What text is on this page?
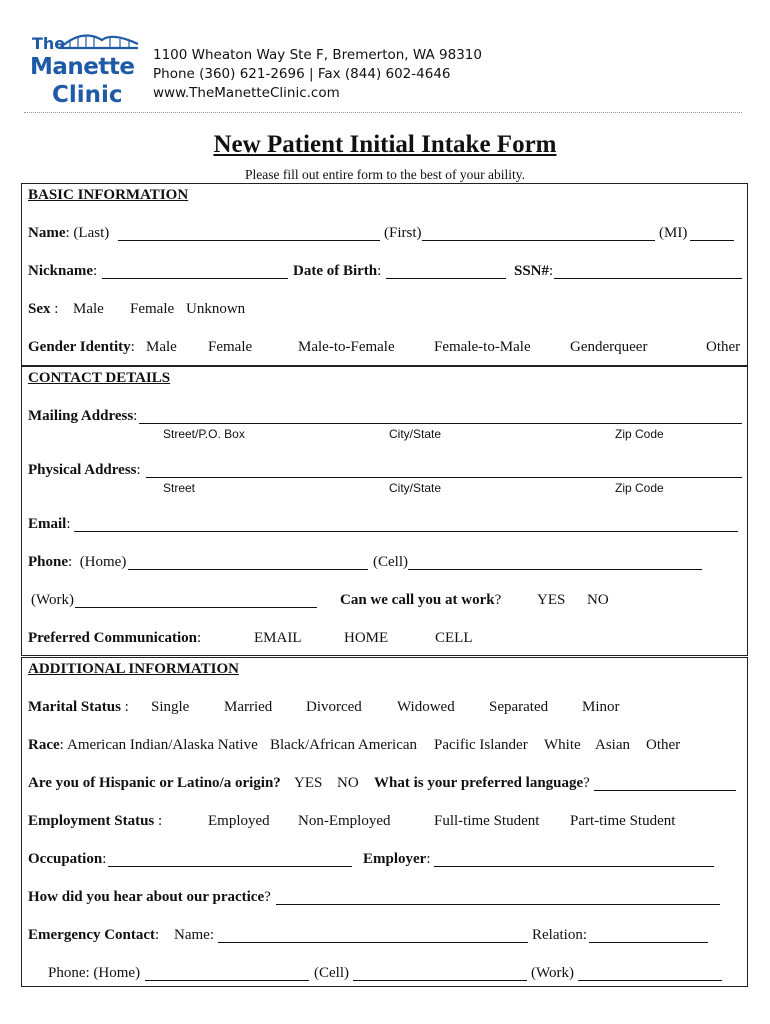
The
Manette
Clinic
1100 Wheaton Way Ste F, Bremerton, WA 98310
Phone (360) 621-2696 | Fax (844) 602-4646
www.TheManetteClinic.com
New Patient Initial Intake Form
Please fill out entire form to the best of your ability.
BASIC INFORMATION
Name: (Last)	(First)	(MI)
Nickname:	Date of Birth:	SSN#:
Sex : Male Female Unknown
Gender Identity: Male Female	Male-to-Female	Female-to-Male	Genderqueer	Other
CONTACT DETAILS
Mailing Address:
Street/P.O. Box	City/State	Zip Code
Physical Address:
Street	City/State	Zip Code
Email:
Phone:  (Home)	(Cell)
(Work)	Can we call you at work? YES NO
Preferred Communication:	EMAIL	HOME	CELL
ADDITIONAL INFORMATION
Marital Status : Single Married Divorced Widowed Separated Minor
Race: American Indian/Alaska Native Black/African American Pacific Islander White Asian Other
Are you of Hispanic or Latino/a origin? YES NO What is your preferred language?
Employment Status :	Employed Non-Employed	Full-time Student Part-time Student
Occupation:	Employer:
How did you hear about our practice?
Emergency Contact: Name:	Relation:
Phone: (Home)	(Cell)	(Work)
